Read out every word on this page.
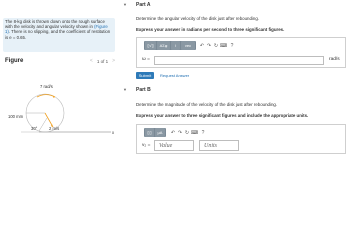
The 8-kg disk is thrown down onto the rough surface with the velocity and angular velocity shown in (Figure 1). There is no slipping, and the coefficient of restitution is e = 0.65.
Figure	< 1 of 1 >
7 rad/s
100 mm
2 m/s
30°
x
▼ Part A
Determine the angular velocity of the disk just after rebounding.
Express your answer in radians per second to three significant figures.
▯√▯	ΑΣφ	↕	vec	↶ ↷ ↻ ⌨ ?
ω =	rad/s
Submit	Request Answer
▼ Part B
Determine the magnitude of the velocity of the disk just after rebounding.
Express your answer to three significant figures and include the appropriate units.
▯▯	μA	↶ ↷ ↻ ⌨ ?
v₂ =	Value	Units
